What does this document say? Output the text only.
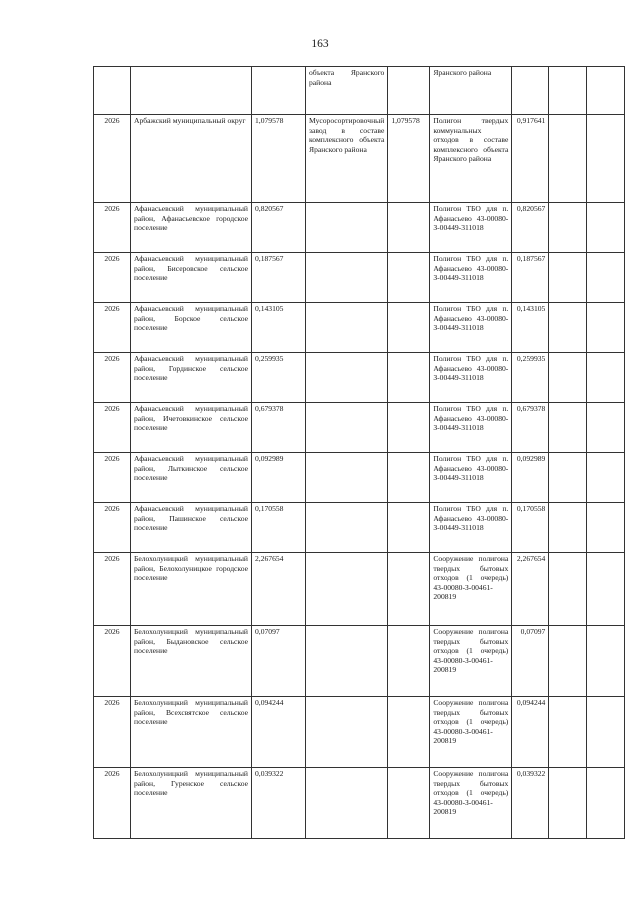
163
			объекта Яранского района		Яранского района			
2026	Арбажский муниципальный округ	1,079578	Мусоросортировочный завод в составе комплексного объекта Яранского района	1,079578	Полигон твердых коммунальных отходов в составе комплексного объекта Яранского района	0,917641		
2026	Афанасьевский муниципальный район, Афанасьевское городское поселение	0,820567			Полигон ТБО для п. Афанасьево 43-00080-З-00449-311018	0,820567		
2026	Афанасьевский муниципальный район, Бисеровское сельское поселение	0,187567			Полигон ТБО для п. Афанасьево 43-00080-З-00449-311018	0,187567		
2026	Афанасьевский муниципальный район, Борское сельское поселение	0,143105			Полигон ТБО для п. Афанасьево 43-00080-З-00449-311018	0,143105		
2026	Афанасьевский муниципальный район, Гординское сельское поселение	0,259935			Полигон ТБО для п. Афанасьево 43-00080-З-00449-311018	0,259935		
2026	Афанасьевский муниципальный район, Ичетовкинское сельское поселение	0,679378			Полигон ТБО для п. Афанасьево 43-00080-З-00449-311018	0,679378		
2026	Афанасьевский муниципальный район, Лыткинское сельское поселение	0,092989			Полигон ТБО для п. Афанасьево 43-00080-З-00449-311018	0,092989		
2026	Афанасьевский муниципальный район, Пашинское сельское поселение	0,170558			Полигон ТБО для п. Афанасьево 43-00080-З-00449-311018	0,170558		
2026	Белохолуницкий муниципальный район, Белохолуницкое городское поселение	2,267654			Сооружение полигона твердых бытовых отходов (1 очередь) 43-00080-З-00461-200819	2,267654		
2026	Белохолуницкий муниципальный район, Быдановское сельское поселение	0,07097			Сооружение полигона твердых бытовых отходов (1 очередь) 43-00080-З-00461-200819	0,07097		
2026	Белохолуницкий муниципальный район, Всехсвятское сельское поселение	0,094244			Сооружение полигона твердых бытовых отходов (1 очередь) 43-00080-З-00461-200819	0,094244		
2026	Белохолуницкий муниципальный район, Гуренское сельское поселение	0,039322			Сооружение полигона твердых бытовых отходов (1 очередь) 43-00080-З-00461-200819	0,039322		
